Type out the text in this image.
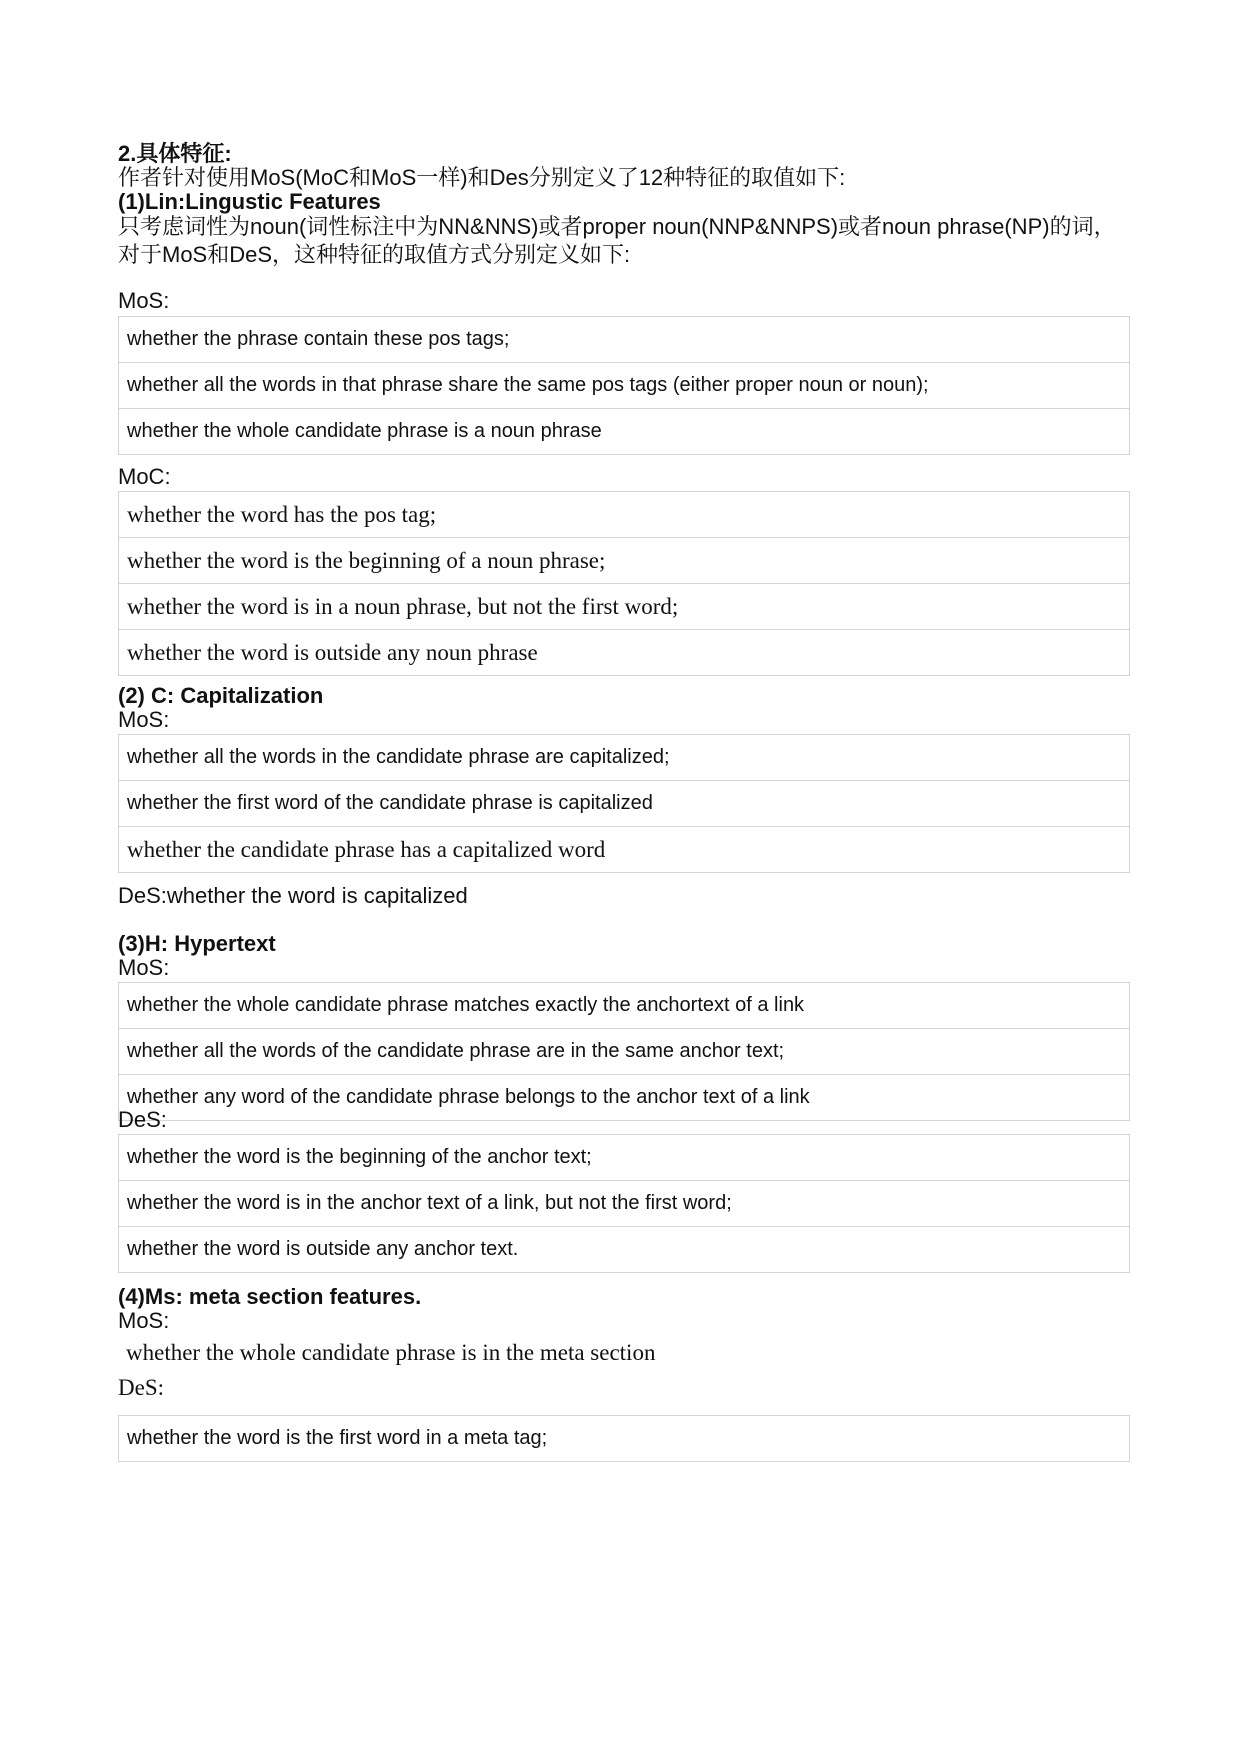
2.具体特征:
作者针对使用MoS(MoC和MoS一样)和Des分别定义了12种特征的取值如下:
(1)Lin:Lingustic Features
只考虑词性为noun(词性标注中为NN&NNS)或者proper noun(NNP&NNPS)或者noun phrase(NP)的词，对于MoS和DeS，这种特征的取值方式分别定义如下:
MoS:
whether the phrase contain these pos tags;
whether all the words in that phrase share the same pos tags (either proper noun or noun);
whether the whole candidate phrase is a noun phrase
MoC:
whether the word has the pos tag;
whether the word is the beginning of a noun phrase;
whether the word is in a noun phrase, but not the first word;
whether the word is outside any noun phrase
(2) C: Capitalization
MoS:
whether all the words in the candidate phrase are capitalized;
whether the first word of the candidate phrase is capitalized
whether the candidate phrase has a capitalized word
DeS:whether the word is capitalized
(3)H: Hypertext
MoS:
whether the whole candidate phrase matches exactly the anchortext of a link
whether all the words of the candidate phrase are in the same anchor text;
whether any word of the candidate phrase belongs to the anchor text of a link
DeS:
whether the word is the beginning of the anchor text;
whether the word is in the anchor text of a link, but not the first word;
whether the word is outside any anchor text.
(4)Ms: meta section features.
MoS:
whether the whole candidate phrase is in the meta section
DeS:
whether the word is the first word in a meta tag;
